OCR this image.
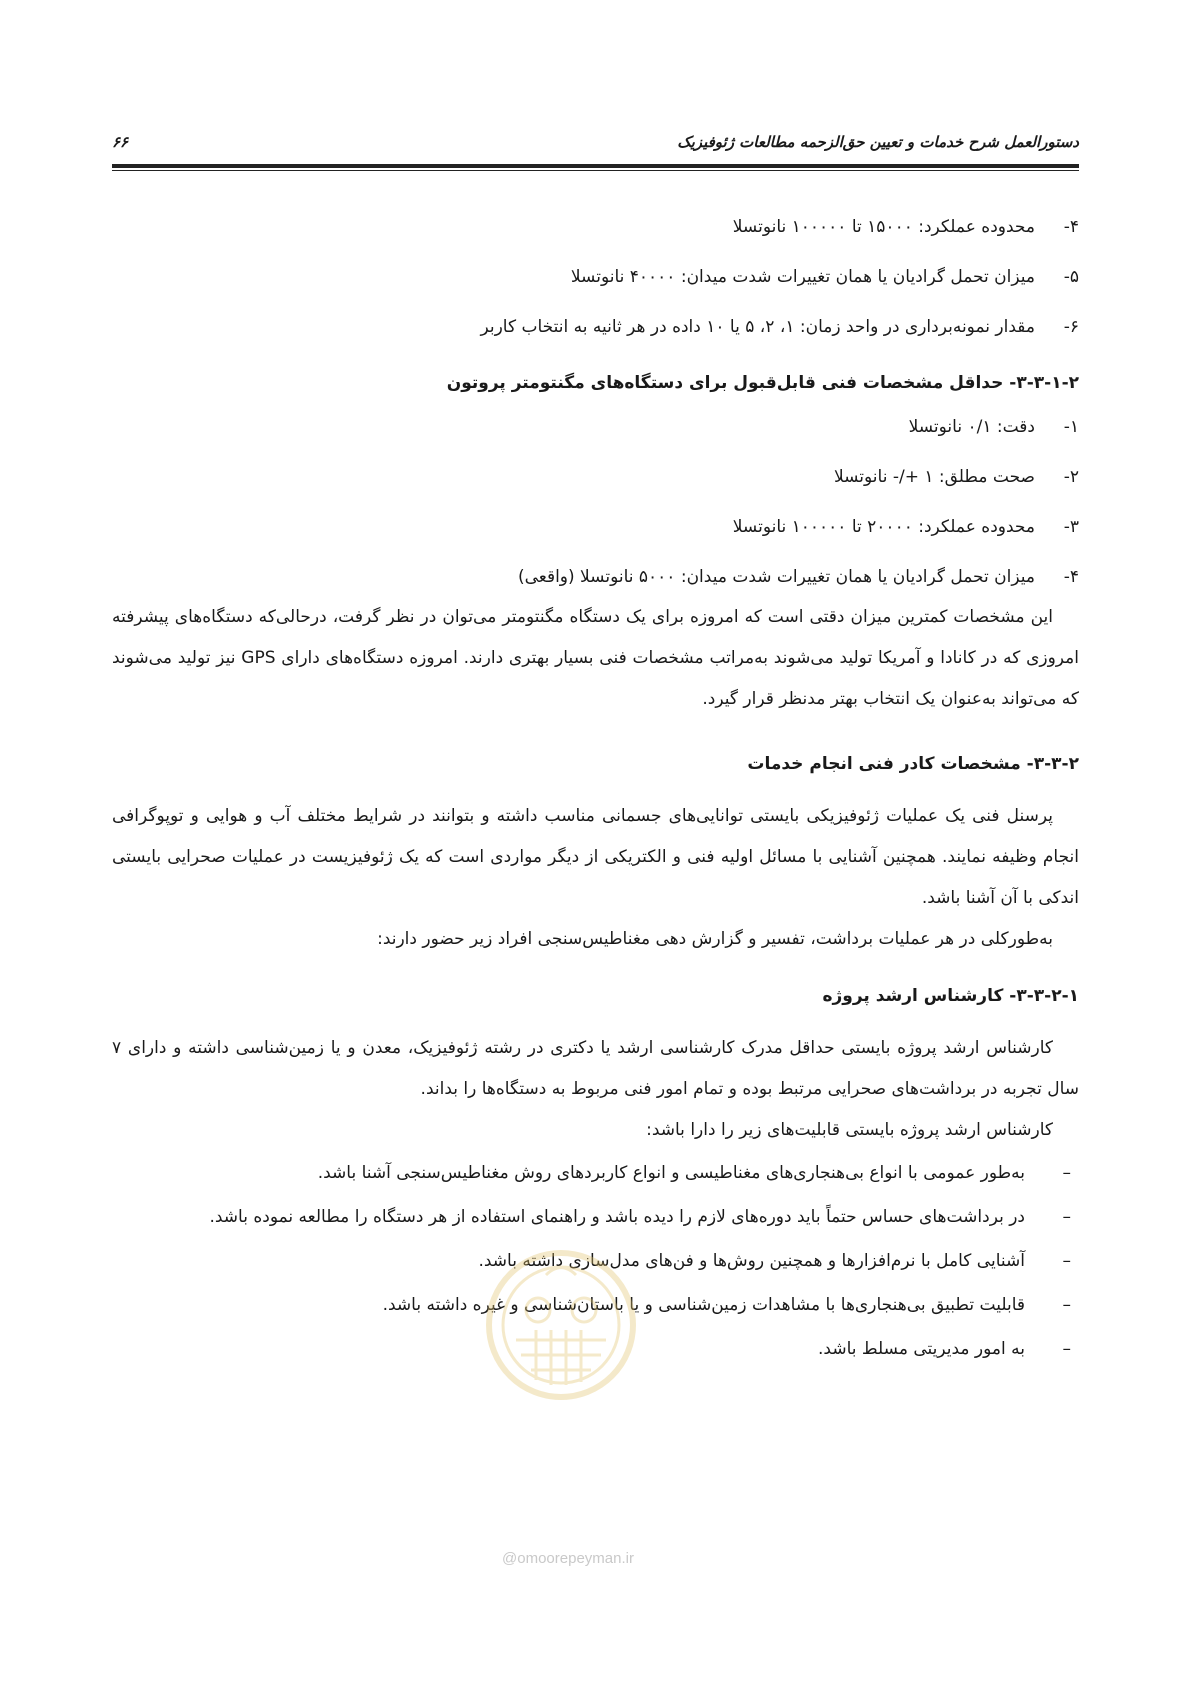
دستورالعمل شرح خدمات و تعیین حق‌الزحمه مطالعات ژئوفیزیک
۶۶
۴-
محدوده عملکرد: ۱۵۰۰۰ تا ۱۰۰۰۰۰ نانوتسلا
۵-
میزان تحمل گرادیان یا همان تغییرات شدت میدان: ۴۰۰۰۰ نانوتسلا
۶-
مقدار نمونه‌برداری در واحد زمان: ۱، ۲، ۵ یا ۱۰ داده در هر ثانیه به انتخاب کاربر
۳-۳-۱-۲- حداقل مشخصات فنی قابل‌قبول برای دستگاه‌های مگنتومتر پروتون
۱-
دقت: ۰/۱ نانوتسلا
۲-
صحت مطلق: ۱ +/- نانوتسلا
۳-
محدوده عملکرد: ۲۰۰۰۰ تا ۱۰۰۰۰۰ نانوتسلا
۴-
میزان تحمل گرادیان یا همان تغییرات شدت میدان: ۵۰۰۰ نانوتسلا (واقعی)

این مشخصات کمترین میزان دقتی است که امروزه برای یک دستگاه مگنتومتر می‌توان در نظر گرفت، درحالی‌که دستگاه‌های پیشرفته امروزی که در کانادا و آمریکا تولید می‌شوند به‌مراتب مشخصات فنی بسیار بهتری دارند. امروزه دستگاه‌های دارای GPS نیز تولید می‌شوند که می‌تواند به‌عنوان یک انتخاب بهتر مدنظر قرار گیرد.

۳-۳-۲- مشخصات کادر فنی انجام خدمات

پرسنل فنی یک عملیات ژئوفیزیکی بایستی توانایی‌های جسمانی مناسب داشته و بتوانند در شرایط مختلف آب و هوایی و توپوگرافی انجام وظیفه نمایند. همچنین آشنایی با مسائل اولیه فنی و الکتریکی از دیگر مواردی است که یک ژئوفیزیست در عملیات صحرایی بایستی اندکی با آن آشنا باشد.

به‌طورکلی در هر عملیات برداشت، تفسیر و گزارش دهی مغناطیس‌سنجی افراد زیر حضور دارند:

۳-۳-۲-۱- کارشناس ارشد پروژه

کارشناس ارشد پروژه بایستی حداقل مدرک کارشناسی ارشد یا دکتری در رشته ژئوفیزیک، معدن و یا زمین‌شناسی داشته و دارای ۷ سال تجربه در برداشت‌های صحرایی مرتبط بوده و تمام امور فنی مربوط به دستگاه‌ها را بداند.

کارشناس ارشد پروژه بایستی قابلیت‌های زیر را دارا باشد:

–
به‌طور عمومی با انواع بی‌هنجاری‌های مغناطیسی و انواع کاربردهای روش مغناطیس‌سنجی آشنا باشد.
–
در برداشت‌های حساس حتماً باید دوره‌های لازم را دیده باشد و راهنمای استفاده از هر دستگاه را مطالعه نموده باشد.
–
آشنایی کامل با نرم‌افزارها و همچنین روش‌ها و فن‌های مدل‌سازی داشته باشد.
–
قابلیت تطبیق بی‌هنجاری‌ها با مشاهدات زمین‌شناسی و یا باستان‌شناسی و غیره داشته باشد.
–
به امور مدیریتی مسلط باشد.
@omoorepeyman.ir
